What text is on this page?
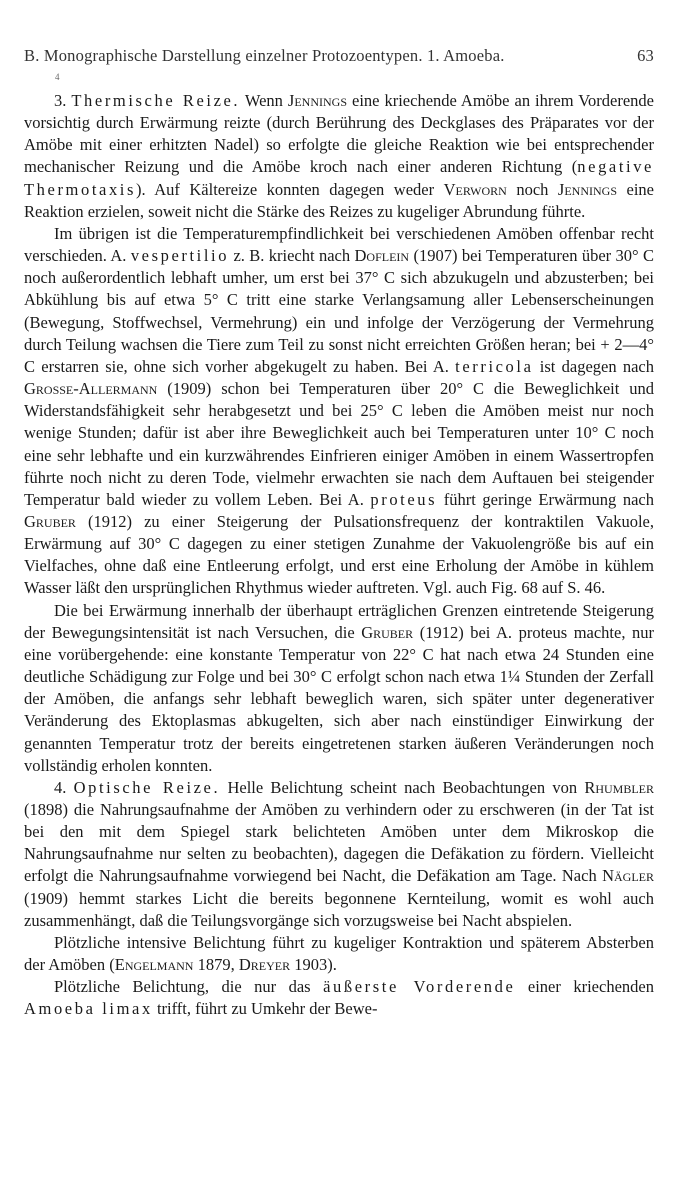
B. Monographische Darstellung einzelner Protozoentypen. 1. Amoeba.	63
4

3. Thermische Reize. Wenn Jennings eine kriechende Amöbe an ihrem Vorderende vorsichtig durch Erwärmung reizte (durch Berührung des Deckglases des Präparates vor der Amöbe mit einer erhitzten Nadel) so erfolgte die gleiche Reaktion wie bei entsprechender mechanischer Reizung und die Amöbe kroch nach einer anderen Richtung (negative Thermotaxis). Auf Kältereize konnten dagegen weder Verworn noch Jennings eine Reaktion erzielen, soweit nicht die Stärke des Reizes zu kugeliger Abrundung führte.

Im übrigen ist die Temperaturempfindlichkeit bei verschiedenen Amöben offenbar recht verschieden. A. vespertilio z. B. kriecht nach Doflein (1907) bei Temperaturen über 30° C noch außerordentlich lebhaft umher, um erst bei 37° C sich abzukugeln und abzusterben; bei Abkühlung bis auf etwa 5° C tritt eine starke Verlangsamung aller Lebenserscheinungen (Bewegung, Stoffwechsel, Vermehrung) ein und infolge der Verzögerung der Vermehrung durch Teilung wachsen die Tiere zum Teil zu sonst nicht erreichten Größen heran; bei + 2—4° C erstarren sie, ohne sich vorher abgekugelt zu haben. Bei A. terricola ist dagegen nach Grosse-Allermann (1909) schon bei Temperaturen über 20° C die Beweglichkeit und Widerstandsfähigkeit sehr herabgesetzt und bei 25° C leben die Amöben meist nur noch wenige Stunden; dafür ist aber ihre Beweglichkeit auch bei Temperaturen unter 10° C noch eine sehr lebhafte und ein kurzwährendes Einfrieren einiger Amöben in einem Wassertropfen führte noch nicht zu deren Tode, vielmehr erwachten sie nach dem Auftauen bei steigender Temperatur bald wieder zu vollem Leben. Bei A. proteus führt geringe Erwärmung nach Gruber (1912) zu einer Steigerung der Pulsationsfrequenz der kontraktilen Vakuole, Erwärmung auf 30° C dagegen zu einer stetigen Zunahme der Vakuolengröße bis auf ein Vielfaches, ohne daß eine Entleerung erfolgt, und erst eine Erholung der Amöbe in kühlem Wasser läßt den ursprünglichen Rhythmus wieder auftreten. Vgl. auch Fig. 68 auf S. 46.

Die bei Erwärmung innerhalb der überhaupt erträglichen Grenzen eintretende Steigerung der Bewegungsintensität ist nach Versuchen, die Gruber (1912) bei A. proteus machte, nur eine vorübergehende: eine konstante Temperatur von 22° C hat nach etwa 24 Stunden eine deutliche Schädigung zur Folge und bei 30° C erfolgt schon nach etwa 1¼ Stunden der Zerfall der Amöben, die anfangs sehr lebhaft beweglich waren, sich später unter degenerativer Veränderung des Ektoplasmas abkugelten, sich aber nach einstündiger Einwirkung der genannten Temperatur trotz der bereits eingetretenen starken äußeren Veränderungen noch vollständig erholen konnten.

4. Optische Reize. Helle Belichtung scheint nach Beobachtungen von Rhumbler (1898) die Nahrungsaufnahme der Amöben zu verhindern oder zu erschweren (in der Tat ist bei den mit dem Spiegel stark belichteten Amöben unter dem Mikroskop die Nahrungsaufnahme nur selten zu beobachten), dagegen die Defäkation zu fördern. Vielleicht erfolgt die Nahrungsaufnahme vorwiegend bei Nacht, die Defäkation am Tage. Nach Nägler (1909) hemmt starkes Licht die bereits begonnene Kernteilung, womit es wohl auch zusammenhängt, daß die Teilungsvorgänge sich vorzugsweise bei Nacht abspielen.

Plötzliche intensive Belichtung führt zu kugeliger Kontraktion und späterem Absterben der Amöben (Engelmann 1879, Dreyer 1903).

Plötzliche Belichtung, die nur das äußerste Vorderende einer kriechenden Amoeba limax trifft, führt zu Umkehr der Bewe-
